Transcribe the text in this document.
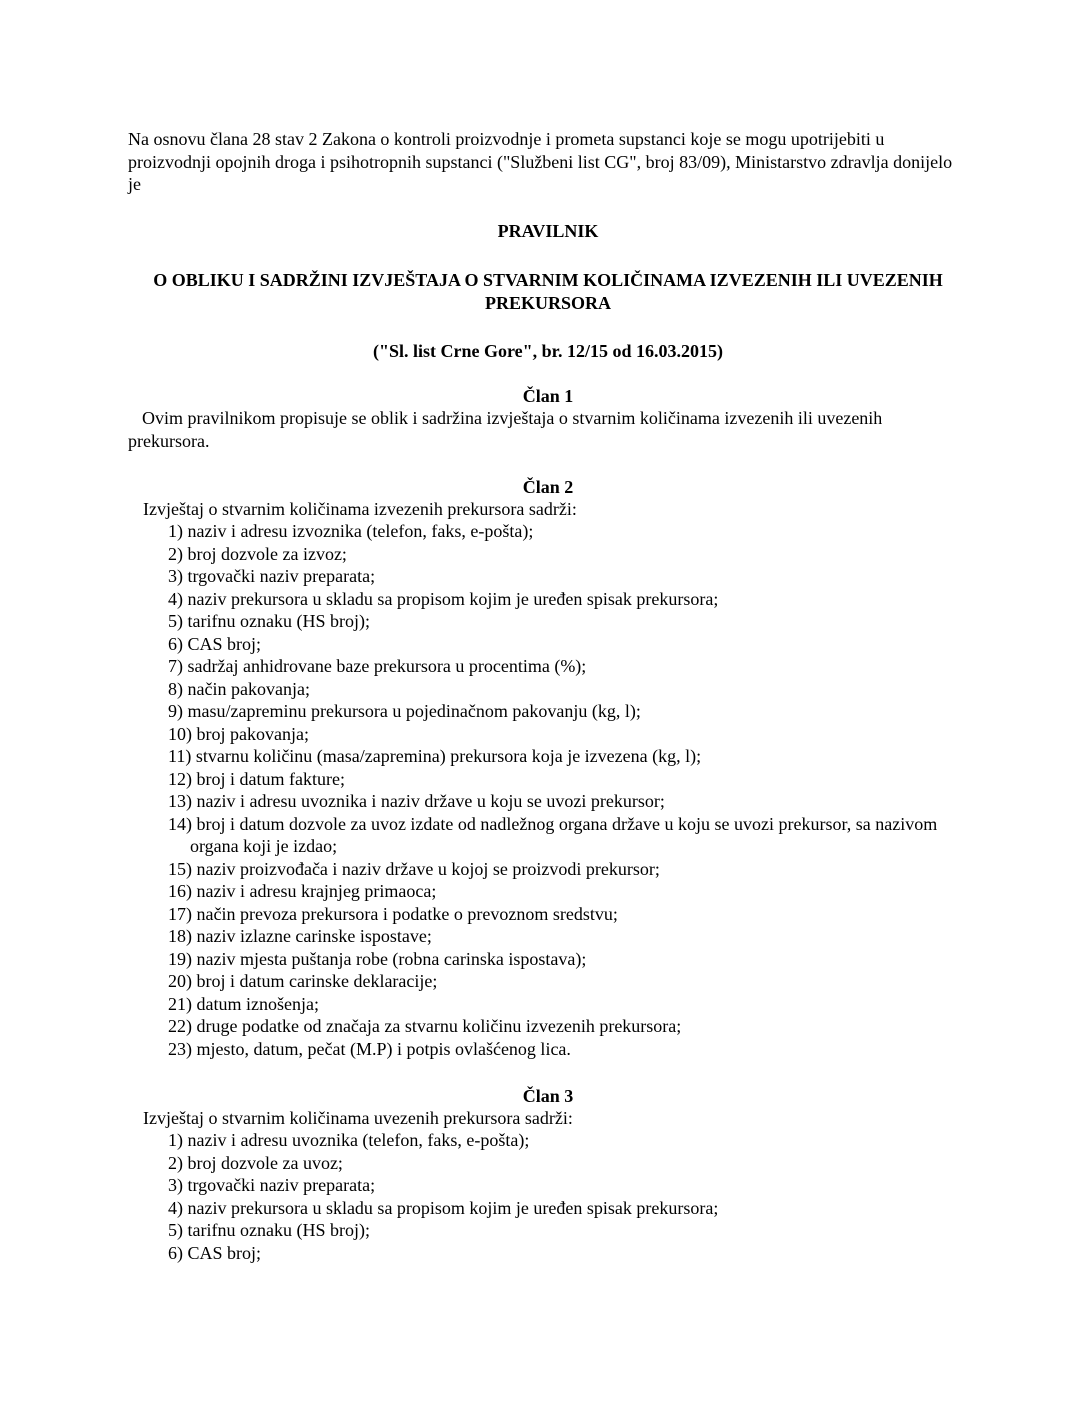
Na osnovu člana 28 stav 2 Zakona o kontroli proizvodnje i prometa supstanci koje se mogu upotrijebiti u proizvodnji opojnih droga i psihotropnih supstanci ("Službeni list CG", broj 83/09), Ministarstvo zdravlja donijelo je

PRAVILNIK

O OBLIKU I SADRŽINI IZVJEŠTAJA O STVARNIM KOLIČINAMA IZVEZENIH ILI UVEZENIH PREKURSORA

("Sl. list Crne Gore", br. 12/15 od 16.03.2015)

Član 1

Ovim pravilnikom propisuje se oblik i sadržina izvještaja o stvarnim količinama izvezenih ili uvezenih prekursora.

Član 2

Izvještaj o stvarnim količinama izvezenih prekursora sadrži:

1) naziv i adresu izvoznika (telefon, faks, e-pošta);
2) broj dozvole za izvoz;
3) trgovački naziv preparata;
4) naziv prekursora u skladu sa propisom kojim je uređen spisak prekursora;
5) tarifnu oznaku (HS broj);
6) CAS broj;
7) sadržaj anhidrovane baze prekursora u procentima (%);
8) način pakovanja;
9) masu/zapreminu prekursora u pojedinačnom pakovanju (kg, l);
10) broj pakovanja;
11) stvarnu količinu (masa/zapremina) prekursora koja je izvezena (kg, l);
12) broj i datum fakture;
13) naziv i adresu uvoznika i naziv države u koju se uvozi prekursor;
14) broj i datum dozvole za uvoz izdate od nadležnog organa države u koju se uvozi prekursor, sa nazivom organa koji je izdao;
15) naziv proizvođača i naziv države u kojoj se proizvodi prekursor;
16) naziv i adresu krajnjeg primaoca;
17) način prevoza prekursora i podatke o prevoznom sredstvu;
18) naziv izlazne carinske ispostave;
19) naziv mjesta puštanja robe (robna carinska ispostava);
20) broj i datum carinske deklaracije;
21) datum iznošenja;
22) druge podatke od značaja za stvarnu količinu izvezenih prekursora;
23) mjesto, datum, pečat (M.P) i potpis ovlašćenog lica.

Član 3

Izvještaj o stvarnim količinama uvezenih prekursora sadrži:

1) naziv i adresu uvoznika (telefon, faks, e-pošta);
2) broj dozvole za uvoz;
3) trgovački naziv preparata;
4) naziv prekursora u skladu sa propisom kojim je uređen spisak prekursora;
5) tarifnu oznaku (HS broj);
6) CAS broj;
